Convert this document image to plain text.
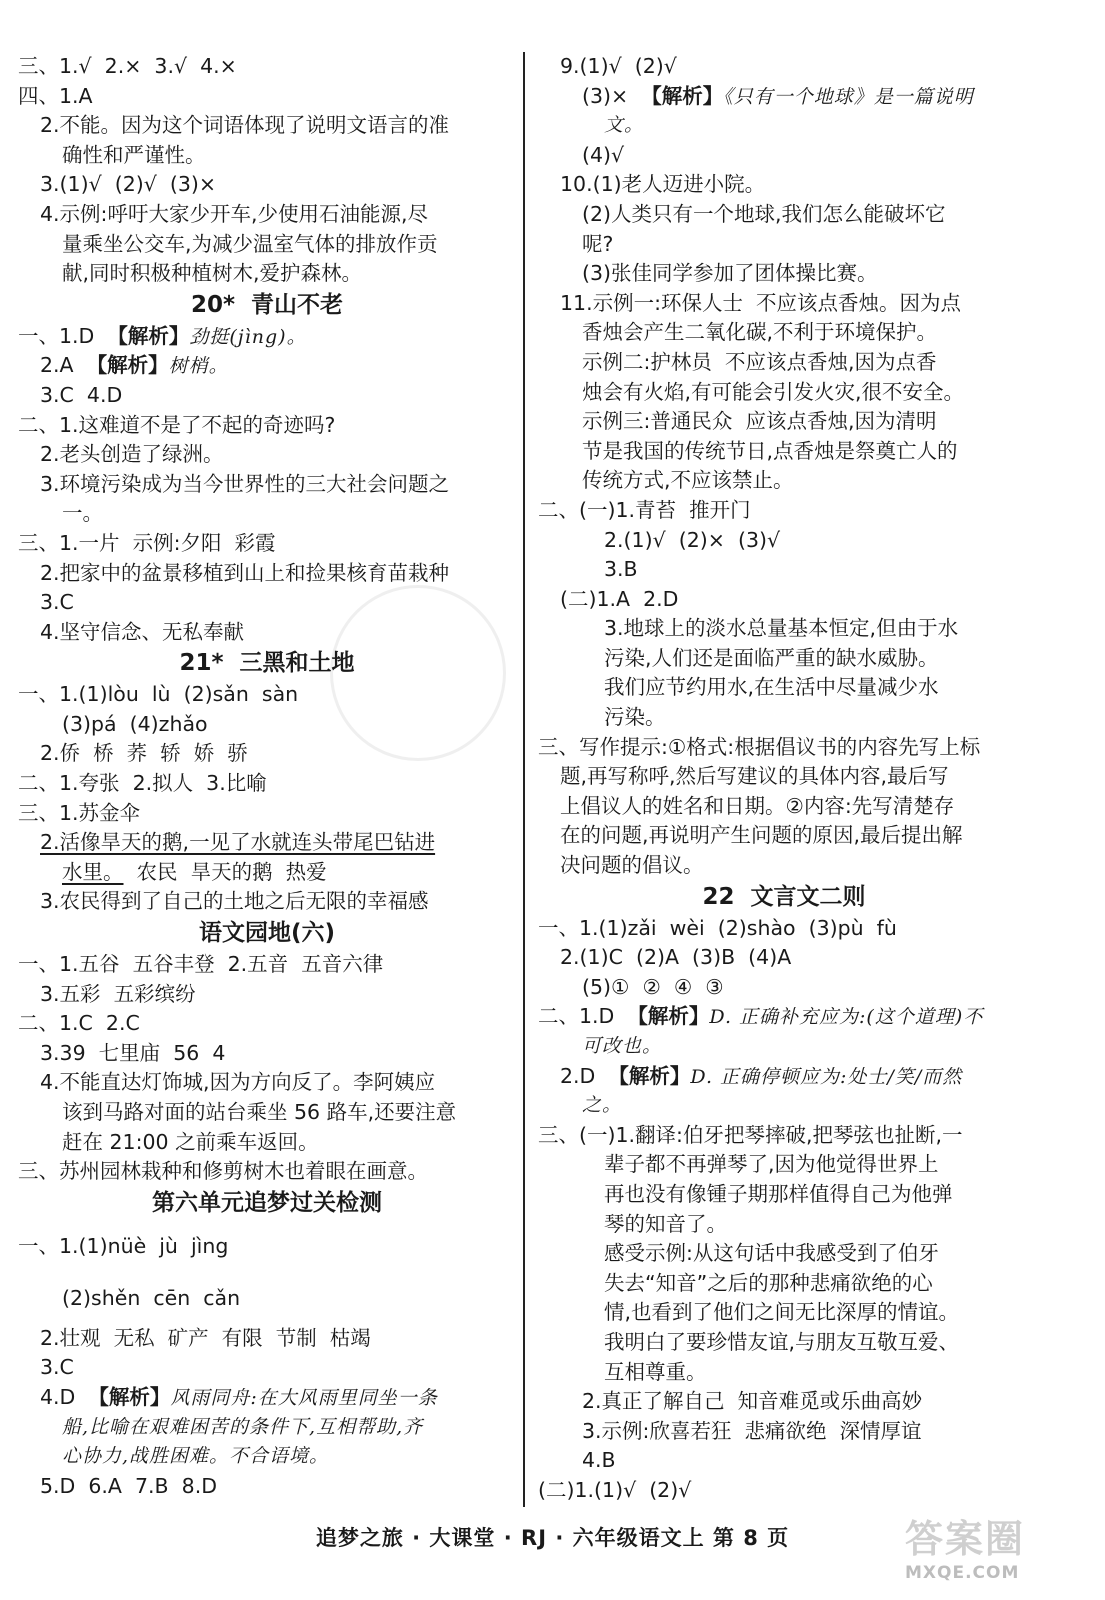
三、1.√  2.×  3.√  4.×
四、1.A
2.不能。因为这个词语体现了说明文语言的准
确性和严谨性。
3.(1)√  (2)√  (3)×
4.示例:呼吁大家少开车,少使用石油能源,尽
量乘坐公交车,为减少温室气体的排放作贡
献,同时积极种植树木,爱护森林。
20*  青山不老
一、1.D  【解析】劲挺(jìng)。
2.A  【解析】树梢。
3.C  4.D
二、1.这难道不是了不起的奇迹吗?
2.老头创造了绿洲。
3.环境污染成为当今世界性的三大社会问题之
一。
三、1.一片  示例:夕阳  彩霞
2.把家中的盆景移植到山上和捡果核育苗栽种
3.C
4.坚守信念、无私奉献
21*  三黑和土地
一、1.(1)lòu  lù  (2)sǎn  sàn
(3)pá  (4)zhǎo
2.侨  桥  荞  轿  娇  骄
二、1.夸张  2.拟人  3.比喻
三、1.苏金伞
2.活像旱天的鹅,一见了水就连头带尾巴钻进
水里。  农民  旱天的鹅  热爱
3.农民得到了自己的土地之后无限的幸福感
语文园地(六)
一、1.五谷  五谷丰登  2.五音  五音六律
3.五彩  五彩缤纷
二、1.C  2.C
3.39  七里庙  56  4
4.不能直达灯饰城,因为方向反了。李阿姨应
该到马路对面的站台乘坐 56 路车,还要注意
赶在 21:00 之前乘车返回。
三、苏州园林栽种和修剪树木也着眼在画意。
第六单元追梦过关检测
一、1.(1)nüè  jù  jìng
(2)shěn  cēn  cǎn
2.壮观  无私  矿产  有限  节制  枯竭
3.C
4.D  【解析】风雨同舟:在大风雨里同坐一条
船,比喻在艰难困苦的条件下,互相帮助,齐
心协力,战胜困难。不合语境。
5.D  6.A  7.B  8.D
9.(1)√  (2)√
(3)×  【解析】《只有一个地球》是一篇说明
文。
(4)√
10.(1)老人迈进小院。
(2)人类只有一个地球,我们怎么能破坏它
呢?
(3)张佳同学参加了团体操比赛。
11.示例一:环保人士  不应该点香烛。因为点
香烛会产生二氧化碳,不利于环境保护。
示例二:护林员  不应该点香烛,因为点香
烛会有火焰,有可能会引发火灾,很不安全。
示例三:普通民众  应该点香烛,因为清明
节是我国的传统节日,点香烛是祭奠亡人的
传统方式,不应该禁止。
二、(一)1.青苔  推开门
2.(1)√  (2)×  (3)√
3.B
(二)1.A  2.D
3.地球上的淡水总量基本恒定,但由于水
污染,人们还是面临严重的缺水威胁。
我们应节约用水,在生活中尽量减少水
污染。
三、写作提示:①格式:根据倡议书的内容先写上标
题,再写称呼,然后写建议的具体内容,最后写
上倡议人的姓名和日期。②内容:先写清楚存
在的问题,再说明产生问题的原因,最后提出解
决问题的倡议。
22  文言文二则
一、1.(1)zǎi  wèi  (2)shào  (3)pù  fù
2.(1)C  (2)A  (3)B  (4)A
(5)①  ②  ④  ③
二、1.D  【解析】D. 正确补充应为:(这个道理)不
可改也。
2.D  【解析】D. 正确停顿应为:处士/笑/而然
之。
三、(一)1.翻译:伯牙把琴摔破,把琴弦也扯断,一
辈子都不再弹琴了,因为他觉得世界上
再也没有像锺子期那样值得自己为他弹
琴的知音了。
感受示例:从这句话中我感受到了伯牙
失去“知音”之后的那种悲痛欲绝的心
情,也看到了他们之间无比深厚的情谊。
我明白了要珍惜友谊,与朋友互敬互爱、
互相尊重。
2.真正了解自己  知音难觅或乐曲高妙
3.示例:欣喜若狂  悲痛欲绝  深情厚谊
4.B
(二)1.(1)√  (2)√
追梦之旅 · 大课堂 · RJ · 六年级语文上 第 8 页	答案圈
MXQE.COM
